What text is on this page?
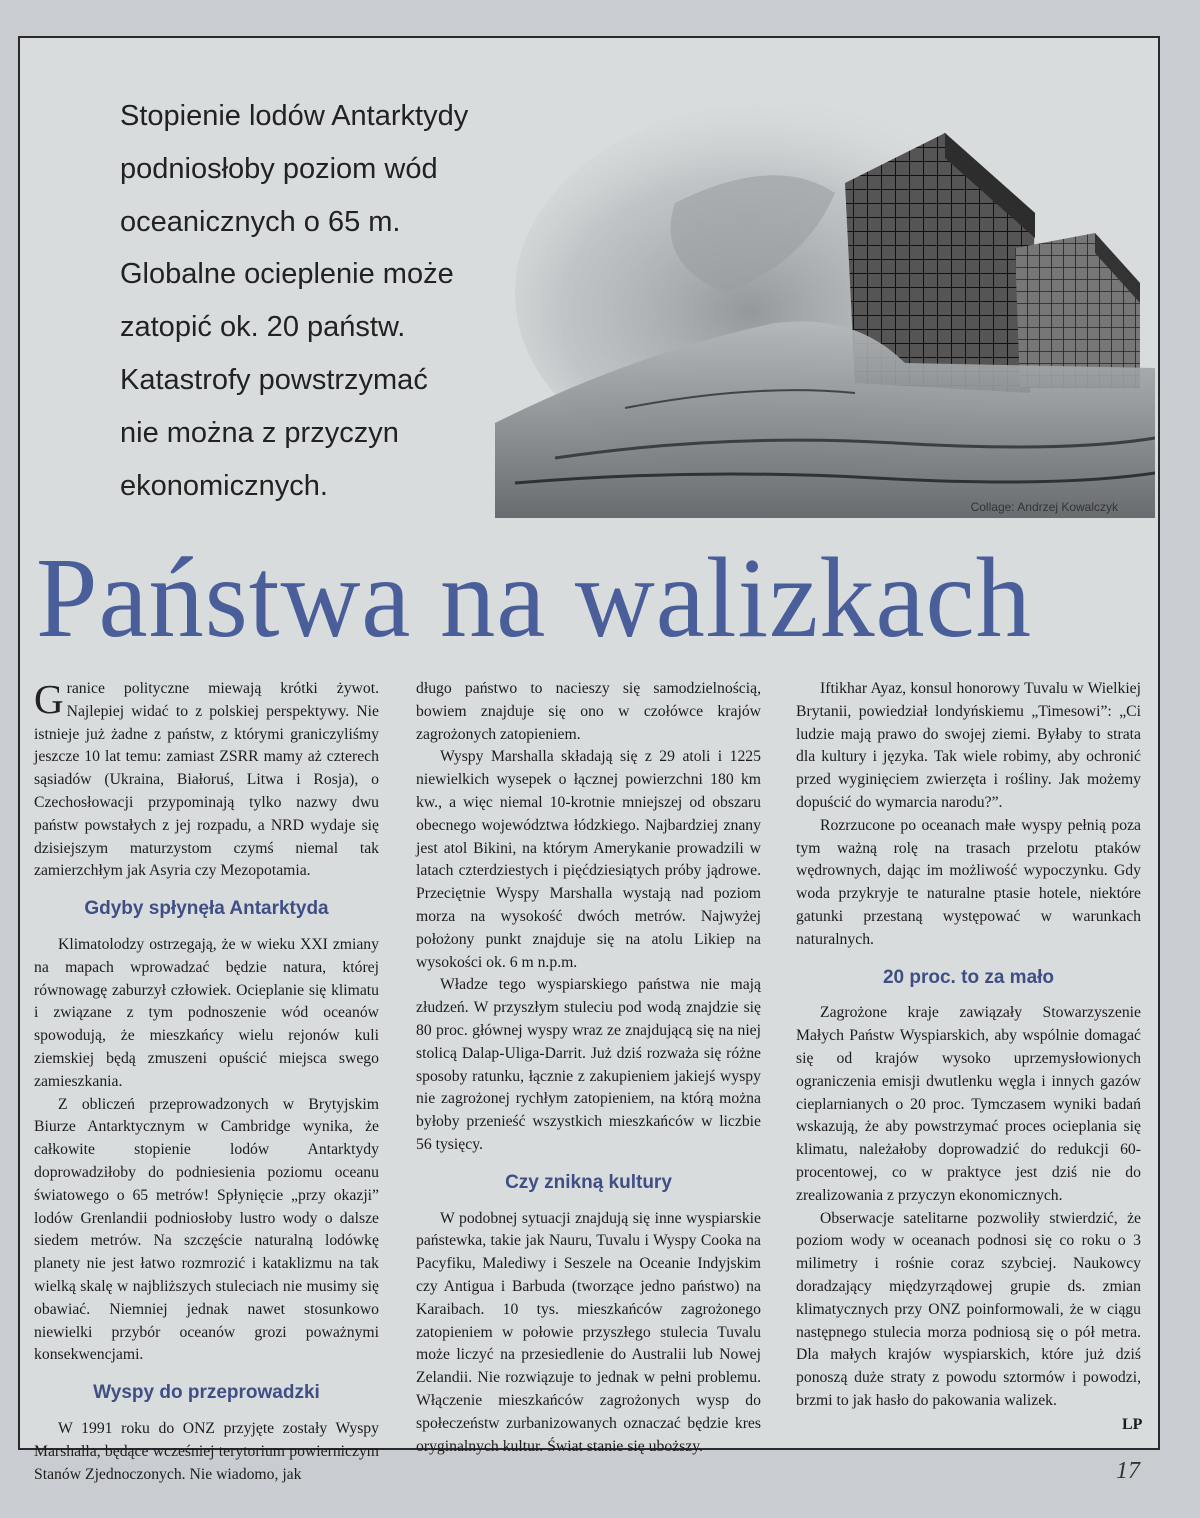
Stopienie lodów Antarktydy
podniosłoby poziom wód
oceanicznych o 65 m.
Globalne ocieplenie może
zatopić ok. 20 państw.
Katastrofy powstrzymać
nie można z przyczyn
ekonomicznych.
Collage: Andrzej Kowalczyk
Państwa na walizkach

Granice polityczne miewają krótki żywot. Najlepiej widać to z polskiej perspektywy. Nie istnieje już żadne z państw, z którymi graniczyliśmy jeszcze 10 lat temu: zamiast ZSRR mamy aż czterech sąsiadów (Ukraina, Białoruś, Litwa i Rosja), o Czechosłowacji przypominają tylko nazwy dwu państw powstałych z jej rozpadu, a NRD wydaje się dzisiejszym maturzystom czymś niemal tak zamierzchłym jak Asyria czy Mezopotamia.

Gdyby spłynęła Antarktyda

Klimatolodzy ostrzegają, że w wieku XXI zmiany na mapach wprowadzać będzie natura, której równowagę zaburzył człowiek. Ocieplanie się klimatu i związane z tym podnoszenie wód oceanów spowodują, że mieszkańcy wielu rejonów kuli ziemskiej będą zmuszeni opuścić miejsca swego zamieszkania.

Z obliczeń przeprowadzonych w Brytyjskim Biurze Antarktycznym w Cambridge wynika, że całkowite stopienie lodów Antarktydy doprowadziłoby do podniesienia poziomu oceanu światowego o 65 metrów! Spłynięcie „przy okazji” lodów Grenlandii podniosłoby lustro wody o dalsze siedem metrów. Na szczęście naturalną lodówkę planety nie jest łatwo rozmrozić i kataklizmu na tak wielką skalę w najbliższych stuleciach nie musimy się obawiać. Niemniej jednak nawet stosunkowo niewielki przybór oceanów grozi poważnymi konsekwencjami.

Wyspy do przeprowadzki

W 1991 roku do ONZ przyjęte zostały Wyspy Marshalla, będące wcześniej terytorium powierniczym Stanów Zjednoczonych. Nie wiadomo, jak

długo państwo to nacieszy się samodzielnością, bowiem znajduje się ono w czołówce krajów zagrożonych zatopieniem.

Wyspy Marshalla składają się z 29 atoli i 1225 niewielkich wysepek o łącznej powierzchni 180 km kw., a więc niemal 10-krotnie mniejszej od obszaru obecnego województwa łódzkiego. Najbardziej znany jest atol Bikini, na którym Amerykanie prowadzili w latach czterdziestych i pięćdziesiątych próby jądrowe. Przeciętnie Wyspy Marshalla wystają nad poziom morza na wysokość dwóch metrów. Najwyżej położony punkt znajduje się na atolu Likiep na wysokości ok. 6 m n.p.m.

Władze tego wyspiarskiego państwa nie mają złudzeń. W przyszłym stuleciu pod wodą znajdzie się 80 proc. głównej wyspy wraz ze znajdującą się na niej stolicą Dalap-Uliga-Darrit. Już dziś rozważa się różne sposoby ratunku, łącznie z zakupieniem jakiejś wyspy nie zagrożonej rychłym zatopieniem, na którą można byłoby przenieść wszystkich mieszkańców w liczbie 56 tysięcy.

Czy znikną kultury

W podobnej sytuacji znajdują się inne wyspiarskie państewka, takie jak Nauru, Tuvalu i Wyspy Cooka na Pacyfiku, Malediwy i Seszele na Oceanie Indyjskim czy Antigua i Barbuda (tworzące jedno państwo) na Karaibach. 10 tys. mieszkańców zagrożonego zatopieniem w połowie przyszłego stulecia Tuvalu może liczyć na przesiedlenie do Australii lub Nowej Zelandii. Nie rozwiązuje to jednak w pełni problemu. Włączenie mieszkańców zagrożonych wysp do społeczeństw zurbanizowanych oznaczać będzie kres oryginalnych kultur. Świat stanie się uboższy.

Iftikhar Ayaz, konsul honorowy Tuvalu w Wielkiej Brytanii, powiedział londyńskiemu „Timesowi”: „Ci ludzie mają prawo do swojej ziemi. Byłaby to strata dla kultury i języka. Tak wiele robimy, aby ochronić przed wyginięciem zwierzęta i rośliny. Jak możemy dopuścić do wymarcia narodu?”.

Rozrzucone po oceanach małe wyspy pełnią poza tym ważną rolę na trasach przelotu ptaków wędrownych, dając im możliwość wypoczynku. Gdy woda przykryje te naturalne ptasie hotele, niektóre gatunki przestaną występować w warunkach naturalnych.

20 proc. to za mało

Zagrożone kraje zawiązały Stowarzyszenie Małych Państw Wyspiarskich, aby wspólnie domagać się od krajów wysoko uprzemysłowionych ograniczenia emisji dwutlenku węgla i innych gazów cieplarnianych o 20 proc. Tymczasem wyniki badań wskazują, że aby powstrzymać proces ocieplania się klimatu, należałoby doprowadzić do redukcji 60-procentowej, co w praktyce jest dziś nie do zrealizowania z przyczyn ekonomicznych.

Obserwacje satelitarne pozwoliły stwierdzić, że poziom wody w oceanach podnosi się co roku o 3 milimetry i rośnie coraz szybciej. Naukowcy doradzający międzyrządowej grupie ds. zmian klimatycznych przy ONZ poinformowali, że w ciągu następnego stulecia morza podniosą się o pół metra. Dla małych krajów wyspiarskich, które już dziś ponoszą duże straty z powodu sztormów i powodzi, brzmi to jak hasło do pakowania walizek.

LP
17
